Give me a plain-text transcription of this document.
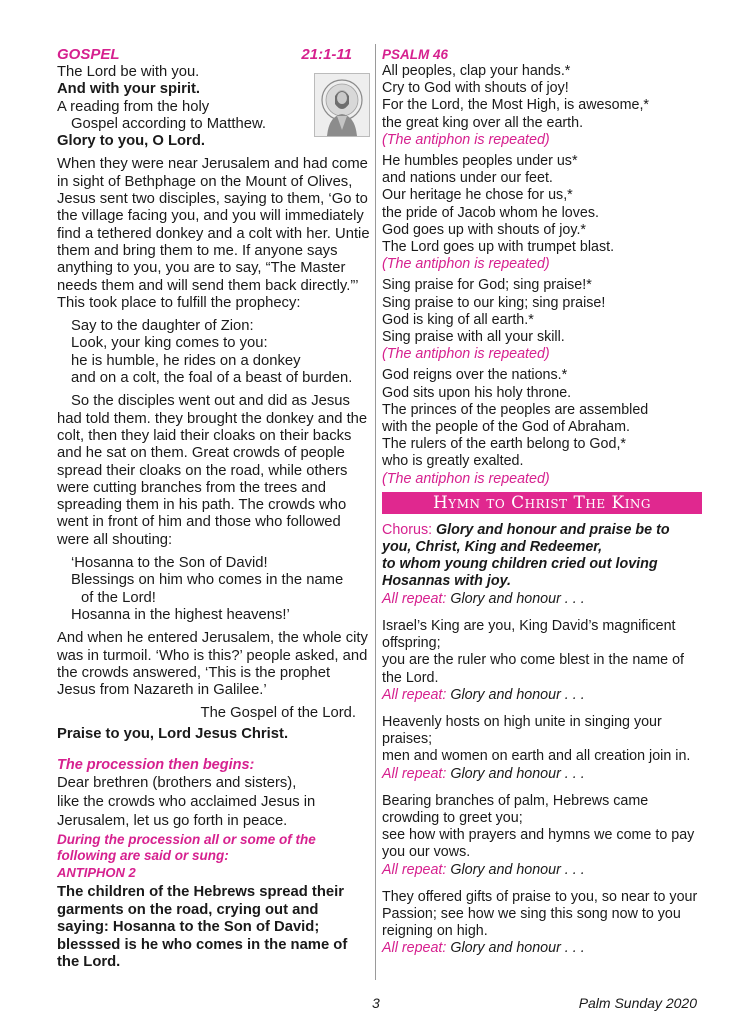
GOSPEL	21:1-11

The Lord be with you.

And with your spirit.

A reading from the holy

Gospel according to Matthew.

Glory to you, O Lord.

When they were near Jerusalem and had come in sight of Bethphage on the Mount of Olives, Jesus sent two disciples, saying to them, ‘Go to the village facing you, and you will immediately find a tethered donkey and a colt with her. Untie them and bring them to me. If anyone says anything to you, you are to say, “The Master needs them and will send them back directly.”’ This took place to fulfill the prophecy:

Say to the daughter of Zion:

Look, your king comes to you:

he is humble, he rides on a donkey

and on a colt, the foal of a beast of burden.

So the disciples went out and did as Jesus had told them. they brought the donkey and the colt, then they laid their cloaks on their backs and he sat on them. Great crowds of people spread their cloaks on the road, while others were cutting branches from the trees and spreading them in his path. The crowds who went in front of him and those who followed were all shouting:

‘Hosanna to the Son of David!

Blessings on him who comes in the name

of the Lord!

Hosanna in the highest heavens!’

And when he entered Jerusalem, the whole city was in turmoil. ‘Who is this?’ people asked, and the crowds answered, ‘This is the prophet Jesus from Nazareth in Galilee.’

The Gospel of the Lord.

Praise to you, Lord Jesus Christ.

The procession then begins:

Dear brethren (brothers and sisters),

like the crowds who acclaimed Jesus in

Jerusalem, let us go forth in peace.

During the procession all or some of the following are said or sung:
ANTIPHON 2

The children of the Hebrews spread their garments on the road, crying out and saying: Hosanna to the Son of David; blesssed is he who comes in the name of the Lord.

PSALM 46

All peoples, clap your hands.*

Cry to God with shouts of joy!

For the Lord, the Most High, is awesome,*

the great king over all the earth.

(The antiphon is repeated)

He humbles peoples under us*

and nations under our feet.

Our heritage he chose for us,*

the pride of Jacob whom he loves.

God goes up with shouts of joy.*

The Lord goes up with trumpet blast.

(The antiphon is repeated)

Sing praise for God; sing praise!*

Sing praise to our king; sing praise!

God is king of all earth.*

Sing praise with all your skill.

(The antiphon is repeated)

God reigns over the nations.*

God sits upon his holy throne.

The princes of the peoples are assembled

with the people of the God of Abraham.

The rulers of the earth belong to God,*

who is greatly exalted.

(The antiphon is repeated)
Hymn to Christ The King

Chorus: Glory and honour and praise be to

you, Christ, King and Redeemer,

to whom young children cried out loving

Hosannas with joy.

All repeat: Glory and honour . . .

Israel’s King are you, King David’s magnificent

offspring;

you are the ruler who come blest in the name of

the Lord.

All repeat: Glory and honour . . .

Heavenly hosts on high unite in singing your

praises;

men and women on earth and all creation join in.

All repeat: Glory and honour . . .

Bearing branches of palm, Hebrews came

crowding to greet you;

see how with prayers and hymns we come to pay

you our vows.

All repeat: Glory and honour . . .

They offered gifts of praise to you, so near to your

Passion; see how we sing this song now to you

reigning on high.

All repeat: Glory and honour . . .

3	Palm Sunday 2020
